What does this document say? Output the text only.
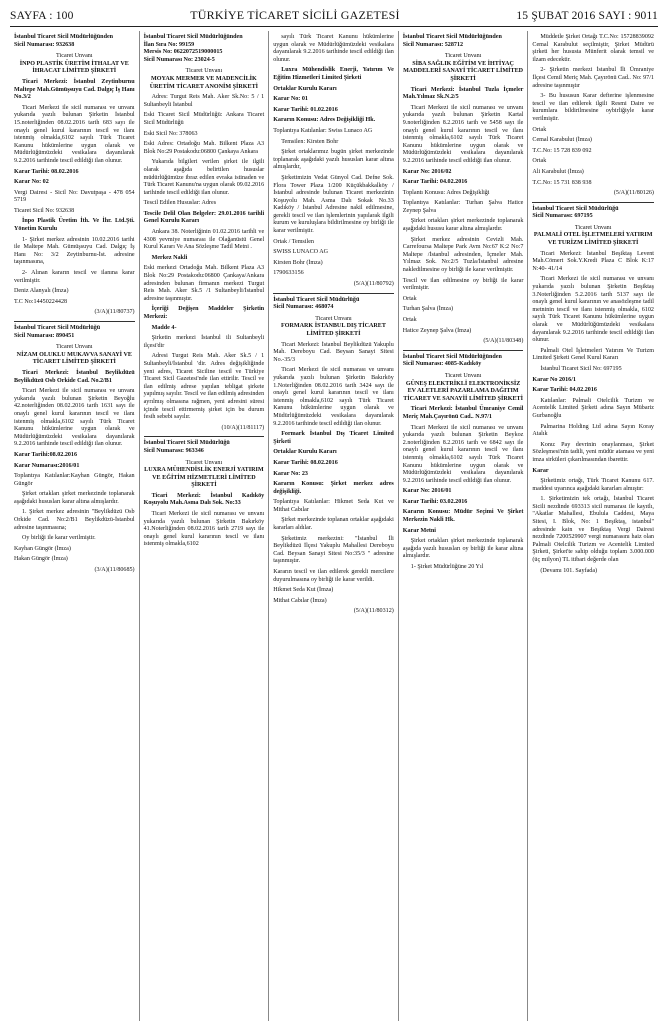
SAYFA : 100	TÜRKİYE TİCARET SİCİLİ GAZETESİ	15 ŞUBAT 2016 SAYI : 9011
İstanbul Ticaret Sicil Müdürlüğünden
Sicil Numarası: 932638
Ticaret Unvanı
İNPO PLASTİK ÜRETİM İTHALAT VE İHRACAT LİMİTED ŞİRKETİ

Ticari Merkezi: İstanbul Zeytinburnu Maltepe Mah.Gümüşsuyu Cad. Dalgıç İş Hanı No.3/2

Ticari Merkezi ile sicil numarası ve unvanı yukarıda yazılı bulunan Şirketin İstanbul 15.noterliğinden 08.02.2016 tarih 683 sayı ile onaylı genel kurul kararının tescil ve ilanı istenmiş olmakla,6102 sayılı Türk Ticaret Kanunu hükümlerine uygun olarak ve Müdürlüğümüzdeki vesikalara dayanılarak 9.2.2016 tarihinde tescil edildiği ilan olunur.

Karar Tarihi: 08.02.2016

Karar No: 02

Vergi Dairesi - Sicil No: Davutpaşa - 478 054 5719

Ticaret Sicil No: 932638

İnpo Plastik Üretim İth. Ve İhr. Ltd.Şti. Yönetim Kurulu

1- Şirket merkez adresinin 10.02.2016 tarihi ile Maltepe Mah. Gümüşsuyu Cad. Dalgıç İş Hanı No: 3/2 Zeytinburnu-İst. adresine taşınmasına,

2- Alınan kararın tescil ve ilanına karar verilmiştir.

Deniz Alanyalı (İmza)

T.C No:14450224428

(3/A)(11/80737)
İstanbul Ticaret Sicil Müdürlüğü
Sicil Numarası: 890451
Ticaret Unvanı
NİZAM OLUKLU MUKAVVA SANAYİ VE TİCARET LİMİTED ŞİRKETİ

Ticari Merkezi: İstanbul Beylikdüzü Beylikdüzü Osb Orkide Cad. No.2/B1

Ticari Merkezi ile sicil numarası ve unvanı yukarıda yazılı bulunan Şirketin Beyoğlu 42.noterliğinden 08.02.2016 tarih 1631 sayı ile onaylı genel kurul kararının tescil ve ilanı istenmiş olmakla,6102 sayılı Türk Ticaret Kanunu hükümlerine uygun olarak ve Müdürlüğümüzdeki vesikalara dayanılarak 9.2.2016 tarihinde tescil edildiği ilan olunur.

Karar Tarihi:08.02.2016

Karar Numarası:2016/01

Toplantıya Katılanlar:Kayhan Güngör, Hakan Güngör

Şirket ortakları şirket merkezinde toplanarak aşağıdaki hususları karar altına almışlardır.

1. Şirket merkez adresinin "Beylikdüzü Osb Orkide Cad. No:2/B1 Beylikdüzü-İstanbul adresine taşınmasına;

Oy birliği ile karar verilmiştir.

Kayhan Güngör (İmza)

Hakan Güngör (İmza)

(3/A)(11/80685)
İstanbul Ticaret Sicil Müdürlüğünden
İlan Sıra No: 99159
Mersis No: 0622072519000015
Sicil Numarası No: 23024-5
Ticaret Unvanı
MOYAK MERMER VE MADENCİLİK ÜRETİM TİCARET ANONİM ŞİRKETİ

Adres: Turgut Reis Mah. Aker Sk.No: 5 / 1 Sultanbeyli İstanbul

Eski Ticaret Sicil Müdürlüğü: Ankara Ticaret Sicil Müdürlüğü

Eski Sicil No: 378063

Eski Adres: Ortadoğu Mah. Bilkent Plaza A3 Blok No:29 Postakodu:06800 Çankaya Ankara

Yukarıda bilgileri verilen şirket ile ilgili olarak aşağıda belirtilen hususlar müdürlüğümüze ibraz edilen evraka istinaden ve Türk Ticaret Kanunu'na uygun olarak 09.02.2016 tarihinde tescil edildiği ilan olunur.

Tescil Edilen Hususlar: Adres

Tescile Delil Olan Belgeler: 29.01.2016 tarihli Genel Kurulu Kararı

Ankara 38. Noterliğinin 01.02.2016 tarihli ve 4308 yevmiye numarası ile Olağanüstü Genel Kurul Kararı Ve Ana Sözleşme Tadil Metni .

Merkez Nakli

Eski merkezi Ortadoğu Mah. Bilkent Plaza A3 Blok No:29 Postakodu:06800 Çankaya/Ankara adresinden bulunan firmanın merkezi Turgut Reis Mah. Aker Sk.5 /1 Sultanbeyli/İstanbul adresine taşınmıştır.

İçeriği Değişen Maddeler Şirketin Merkezi:

Madde 4-

Şirketin merkezi İstanbul ili Sultanbeyli ilçesi'dir

Adresi Turgut Reis Mah. Aker Sk.5 / 1 Sultanbeyli/İstanbul 'dir. Adres değişikliğinde yeni adres, Ticaret Siciline tescil ve Türkiye Ticaret Sicil Gazetesi'nde ilan ettirilir. Tescil ve ilan edilmiş adrese yapılan tebligat şirkete yapılmış sayılır. Tescil ve ilan edilmiş adresinden ayrılmış olmasına rağmen, yeni adresini süresi içinde tescil ettirmemiş şirket için bu durum fesih sebebi sayılır.

(10/A)(11/81117)
İstanbul Ticaret Sicil Müdürlüğü
Sicil Numarası: 963346
Ticaret Unvanı
LUXRA MÜHENDİSLİK ENERJİ YATIRIM VE EĞİTİM HİZMETLERİ LİMİTED ŞİRKETİ

Ticari Merkezi: İstanbul Kadıköy Koşuyolu Mah.Asma Dalı Sok. No:33

Ticari Merkezi ile sicil numarası ve unvanı yukarıda yazılı bulunan Şirketin Bakırköy 41.Noterliğinden 08.02.2016 tarih 2719 sayı ile onaylı genel kurul kararının tescil ve ilanı istenmiş olmakla,6102

sayılı Türk Ticaret Kanunu hükümlerine uygun olarak ve Müdürlüğümüzdeki vesikalara dayanılarak 9.2.2016 tarihinde tescil edildiği ilan olunur.

Luxra Mühendislik Enerji, Yatırım Ve Eğitim Hizmetleri Limited Şirketi

Ortaklar Kurulu Kararı

Karar No: 01

Karar Tarihi: 01.02.2016

Kararın Konusu: Adres Değişikliği Hk.

Toplantıya Katılanlar: Swiss Lunaco AG

Temsilen: Kirsten Bohr

Şirket ortaklarımız bugün şirket merkezinde toplanarak aşağıdaki yazılı hususları karar altına almışlardır,

Şirketimizin Vedat Günyol Cad. Defne Sok. Flora Tower Plaza 1/200 Küçükbakkalköy / İstanbul adresinde bulunan Ticaret merkezinin Koşuyolu Mah. Asma Dalı Sokak No.33 Kadıköy / İstanbul Adresine nakil edilmesine, gerekli tescil ve ilan işlemlerinin yapılarak ilgili kurum ve kuruluşlara bildirilmesine oy birliği ile karar verilmiştir.

Ortak / Temsilen

SWISS LUNACO AG

Kirsten Bohr (İmza)

1790633156

(5/A)(11/80792)
İstanbul Ticaret Sicil Müdürlüğü
Sicil Numarası: 468074
Ticaret Unvanı
FORMARK İSTANBUL DIŞ TİCARET LİMİTED ŞİRKETİ

Ticari Merkezi: İstanbul Beylikdüzü Yakuplu Mah. Dereboyu Cad. Beysan Sanayi Sitesi No.-35/3

Ticari Merkezi ile sicil numarası ve unvanı yukarıda yazılı bulunan Şirketin Bakırköy 1.Noterliğinden 08.02.2016 tarih 3424 sayı ile onaylı genel kurul kararının tescil ve ilanı istenmiş olmakla,6102 sayılı Türk Ticaret Kanunu hükümlerine uygun olarak ve Müdürlüğümüzdeki vesikalara dayanılarak 9.2.2016 tarihinde tescil edildiği ilan olunur.

Formark İstanbul Dış Ticaret Limited Şirketi

Ortaklar Kurulu Kararı

Karar Tarihi: 08.02.2016

Karar No: 23

Kararın Konusu: Şirket merkez adres değişikliği.

Toplantıya Katılanlar: Hikmet Seda Kut ve Mithat Cabılar

Şirket merkezinde toplanan ortaklar aşağıdaki kararları aldılar.

Şirketimiz merkezini: "İstanbul İli Beylikdüzü İlçesi Yakuplu Mahallesi Dereboyu Cad. Beysan Sanayi Sitesi No:35/3 " adresine taşınmıştır.

Kararın tescil ve ilan edilerek gerekli mercilere duyurulmasına oy birliği ile karar verildi.

Hikmet Seda Kut (İmza)

Mithat Cabılar (İmza)

(5/A)(11/80312)
İstanbul Ticaret Sicil Müdürlüğünden
Sicil Numarası: 528712
Ticaret Unvanı
SİBA SAĞLIK EĞİTİM VE İHTİYAÇ MADDELERİ SANAYİ TİCARET LİMİTED ŞİRKETİ

Ticari Merkezi: İstanbul Tuzla İçmeler Mah.Yılmaz Sk.N.2/5

Ticari Merkezi ile sicil numarası ve unvanı yukarıda yazılı bulunan Şirketin Kartal 9.noterliğinden 8.2.2016 tarih ve 5458 sayı ile onaylı genel kurul kararının tescil ve ilanı istenmiş olmakla,6102 sayılı Türk Ticaret Kanunu hükümlerine uygun olarak ve Müdürlüğümüzdeki vesikalara dayanılarak 9.2.2016 tarihinde tescil edildiği ilan olunur.

Karar No: 2016/02

Karar Tarihi: 04.02.2016

Toplantı Konusu: Adres Değişikliği

Toplantıya Katılanlar: Turhan Şalva Hatice Zeynep Şalva

Şirket ortakları şirket merkezinde toplanarak aşağıdaki hususu karar altına almışlardır.

Şirket merkez adresinin Cevizli Mah. Carrefoursa Maltepe Park Avm No:67 K:2 No:7 Maltepe /İstanbul adresinden, İçmeler Mah. Yılmaz Sok. No:2/5 Tuzla/İstanbul adresine nakledilmesine oy birliği ile karar verilmiştir.

Tescil ve ilan edilmesine oy birliği ile karar verilmiştir.

Ortak

Turhan Şalva (İmza)

Ortak

Hatice Zeynep Şalva (İmza)

(5/A)(11/80348)
İstanbul Ticaret Sicil Müdürlüğünden
Sicil Numarası: 4085-Kadıköy
Ticaret Unvanı
GÜNEŞ ELEKTRİKLİ ELEKTRONİKSİZ EV ALETLERİ PAZARLAMA DAĞITIM TİCARET VE SANAYİİ LİMİTED ŞİRKETİ

Ticari Merkezi: İstanbul Ümraniye Cemil Meriç Mah.Çayırönü Cad.. N.97/1

Ticari Merkezi ile sicil numarası ve unvanı yukarıda yazılı bulunan Şirketin Beykoz 2.noterliğinden 8.2.2016 tarih ve 6842 sayı ile onaylı genel kurul kararının tescil ve ilanı istenmiş olmakla,6102 sayılı Türk Ticaret Kanunu hükümlerine uygun olarak ve Müdürlüğümüzdeki vesikalara dayanılarak 9.2.2016 tarihinde tescil edildiği ilan olunur.

Karar No: 2016/01

Karar Tarihi: 03.02.2016

Kararın Konusu: Müdür Seçimi Ve Şirket Merkezin Nakli Hk.

Karar Metni

Şirket ortakları şirket merkezinde toplanarak aşağıda yazılı hususları oy birliği ile karar altına almışlardır.

1- Şirket Müdürlüğüne 20 Yıl

Müddetle Şirket Ortağı T.C.No: 15728839092 Cemal Karabulut seçilmiştir, Şirket Müdürü şirketi her hususta Münferit olarak temsil ve ilzam edecektir.

2- Şirketin merkezi İstanbul İli Ümraniye İlçesi Cemil Meriç Mah. Çayırönü Cad.. No: 97/1 adresine taşınmıştır

3- Bu hususun Karar defterine işlenmesine tescil ve ilan edilerek ilgili Resmi Daire ve kurumlara bildirilmesine oybirliğiyle karar verilmiştir.

Ortak

Cemal Karabulut (İmza)

T.C.No: 15 728 839 092

Ortak

Ali Karabulut (İmza)

T.C.No: 15 731 838 938

(5/A)(11/80126)
İstanbul Ticaret Sicil Müdürlüğü
Sicil Numarası: 697195
Ticaret Unvanı
PALMALİ OTEL İŞLETMELERİ YATIRIM VE TURİZM LİMİTED ŞİRKETİ

Ticari Merkezi: İstanbul Beşiktaş Levent Mah.Cömert Sok.Y.Kredi Plaza C Blok K:17 N:40- 41/14

Ticari Merkezi ile sicil numarası ve unvanı yukarıda yazılı bulunan Şirketin Beşiktaş 3.Noterliğinden 5.2.2016 tarih 5137 sayı ile onaylı genel kurul kararının ve anasözleşme tadil metninin tescil ve ilanı istenmiş olmakla, 6102 sayılı Türk Ticaret Kanunu hükümlerine uygun olarak ve Müdürlüğümüzdeki vesikalara dayanılarak 9.2.2016 tarihinde tescil edildiği ilan olunur.

Palmali Otel İşletmeleri Yatırım Ve Turizm Limited Şirketi Genel Kurul Kararı

İstanbul Ticaret Sicil No: 697195

Karar No 2016/1

Karar Tarihi: 04.02.2016

Katılanlar: Palmali Otelcilik Turizm ve Acentelik Limited Şirketi adına Sayın Mübariz Gurbanoğlu

Palmarina Holding Ltd adına Sayın Koray Atalık

Konu: Pay devrinin onaylanması, Şirket Sözleşmesi'nin tadili, yeni müdür ataması ve yeni imza sirküleri çıkarılmasından ibarettir.

Karar

Şirketimiz ortağı, Türk Ticaret Kanunu 617. maddesi uyarınca aşağıdaki kararları almıştır:

1. Şirketimizin tek ortağı, İstanbul Ticaret Sicili nezdinde 693313 sicil numarası ile kayıtlı, "Akatlar Mahallesi, Ebulula Caddesi, Maya Sitesi, I. Blok, No: 1 Beşiktaş, istanbul" adresinde kain ve Beşiktaş Vergi Dairesi nezdinde 7200529907 vergi numarasını haiz olan Palmali Otelcilik Turizm ve Acentelik Limited Şirketi, Şirket'te sahip olduğu toplam 3.000.000 (üç milyon) TL itibari değerde olan

(Devamı 101. Sayfada)
